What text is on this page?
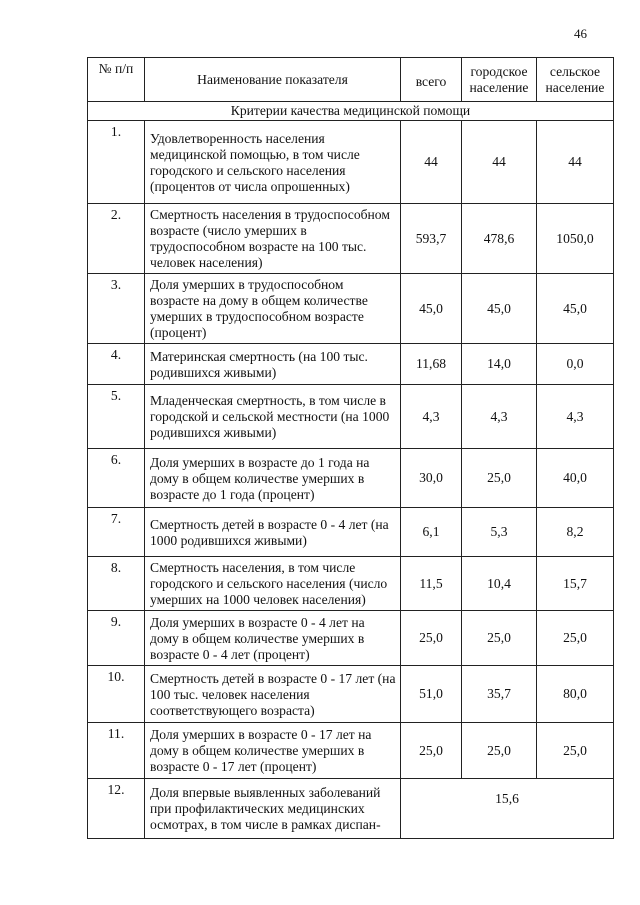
46
№ п/п	Наименование показателя	всего	городское население	сельское население
Критерии качества медицинской помощи				
1.	Удовлетворенность населения медицинской помощью, в том числе городского и сельского населения (процентов от числа опрошенных)	44	44	44
2.	Смертность населения в трудоспособном возрасте (число умерших в трудоспособном возрасте на 100 тыс. человек населения)	593,7	478,6	1050,0
3.	Доля умерших в трудоспособном возрасте на дому в общем количестве умерших в трудоспособном возрасте (процент)	45,0	45,0	45,0
4.	Материнская смертность (на 100 тыс. родившихся живыми)	11,68	14,0	0,0
5.	Младенческая смертность, в том числе в городской и сельской местности (на 1000 родившихся живыми)	4,3	4,3	4,3
6.	Доля умерших в возрасте до 1 года на дому в общем количестве умерших в возрасте до 1 года (процент)	30,0	25,0	40,0
7.	Смертность детей в возрасте 0 - 4 лет (на 1000 родившихся живыми)	6,1	5,3	8,2
8.	Смертность населения, в том числе городского и сельского населения (число умерших на 1000 человек населения)	11,5	10,4	15,7
9.	Доля умерших в возрасте 0 - 4 лет на дому в общем количестве умерших в возрасте 0 - 4 лет (процент)	25,0	25,0	25,0
10.	Смертность детей в возрасте 0 - 17 лет (на 100 тыс. человек населения соответствующего возраста)	51,0	35,7	80,0
11.	Доля умерших в возрасте 0 - 17 лет на дому в общем количестве умерших в возрасте 0 - 17 лет (процент)	25,0	25,0	25,0
12.	Доля впервые выявленных заболеваний при профилактических медицинских осмотрах, в том числе в рамках диспан-	15,6		
